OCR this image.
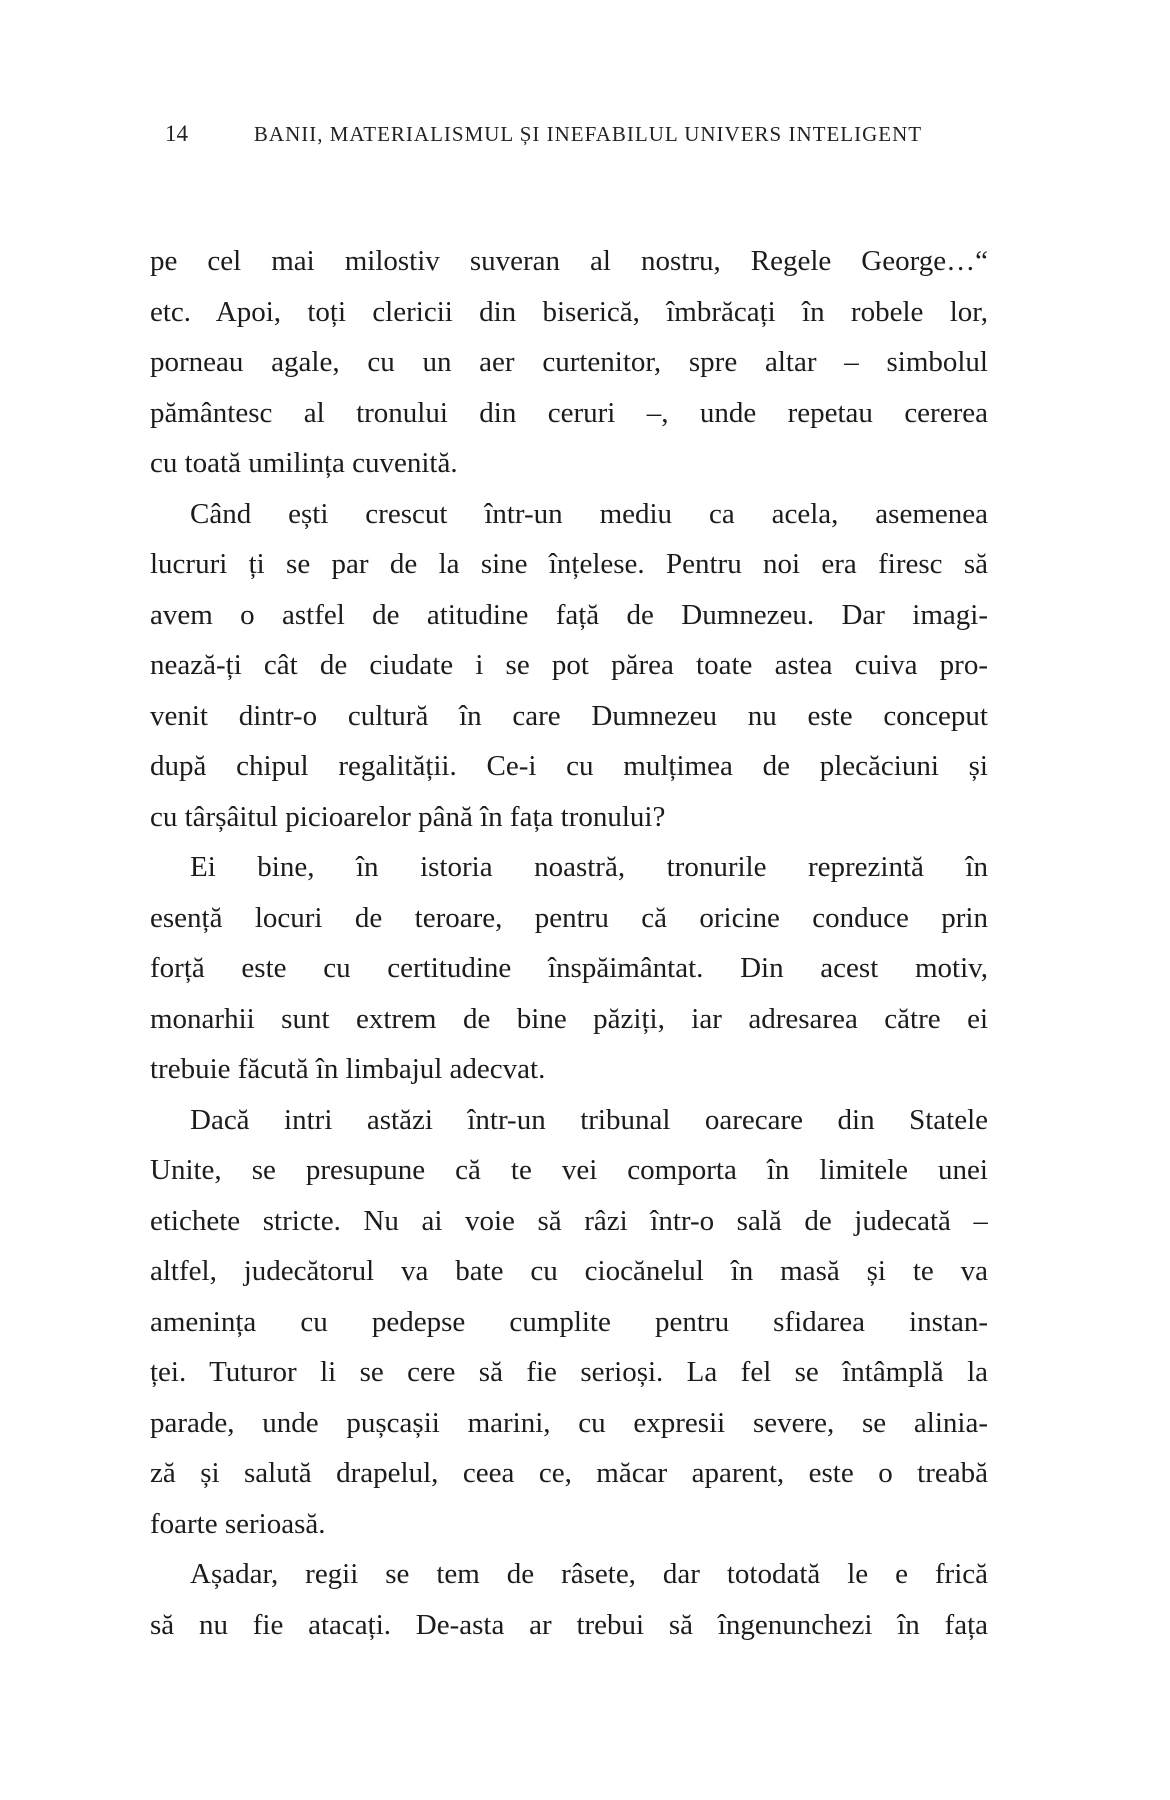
14	BANII, MATERIALISMUL ȘI INEFABILUL UNIVERS INTELIGENT
pe cel mai milostiv suveran al nostru, Regele George…“
etc. Apoi, toți clericii din biserică, îmbrăcați în robele lor,
porneau agale, cu un aer curtenitor, spre altar – simbolul
pământesc al tronului din ceruri –, unde repetau cererea
cu toată umilința cuvenită.
Când ești crescut într-un mediu ca acela, asemenea
lucruri ți se par de la sine înțelese. Pentru noi era firesc să
avem o astfel de atitudine față de Dumnezeu. Dar imagi-
nează-ți cât de ciudate i se pot părea toate astea cuiva pro-
venit dintr-o cultură în care Dumnezeu nu este conceput
după chipul regalității. Ce-i cu mulțimea de plecăciuni și
cu târșâitul picioarelor până în fața tronului?
Ei bine, în istoria noastră, tronurile reprezintă în
esență locuri de teroare, pentru că oricine conduce prin
forță este cu certitudine înspăimântat. Din acest motiv,
monarhii sunt extrem de bine păziți, iar adresarea către ei
trebuie făcută în limbajul adecvat.
Dacă intri astăzi într-un tribunal oarecare din Statele
Unite, se presupune că te vei comporta în limitele unei
etichete stricte. Nu ai voie să râzi într-o sală de judecată –
altfel, judecătorul va bate cu ciocănelul în masă și te va
amenința cu pedepse cumplite pentru sfidarea instan-
ței. Tuturor li se cere să fie serioși. La fel se întâmplă la
parade, unde pușcașii marini, cu expresii severe, se alinia-
ză și salută drapelul, ceea ce, măcar aparent, este o treabă
foarte serioasă.
Așadar, regii se tem de râsete, dar totodată le e frică
să nu fie atacați. De-asta ar trebui să îngenunchezi în fața
